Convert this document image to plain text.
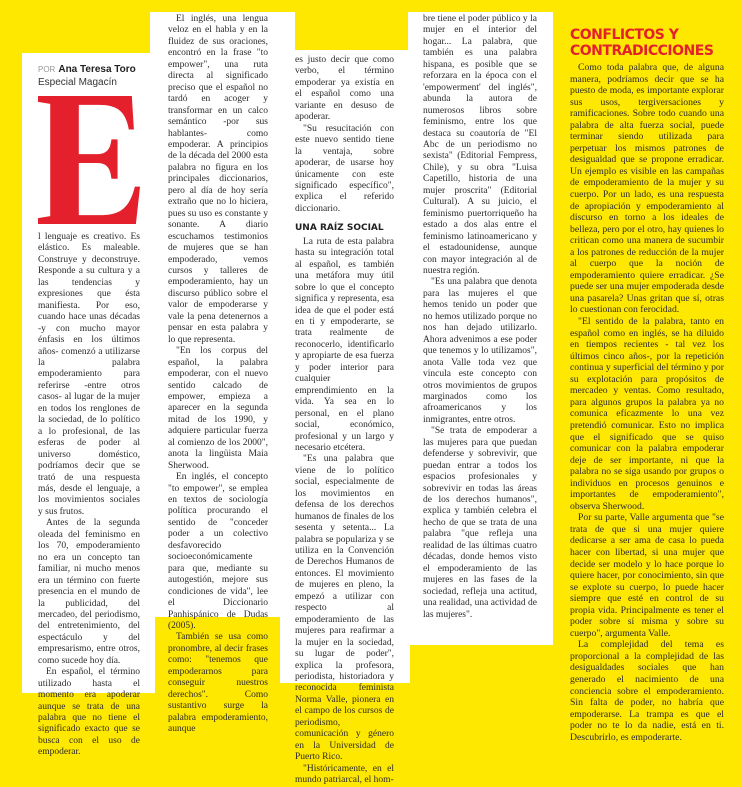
POR Ana Teresa Toro
Especial Magacín

l lenguaje es creativo. Es elástico. Es maleable. Construye y deconstruye. Responde a su cultura y a las tendencias y expresiones que ésta manifiesta. Por eso, cuando hace unas décadas -y con mucho mayor énfasis en los últimos años- comenzó a utilizarse la palabra empoderamiento para referirse -entre otros casos- al lugar de la mujer en todos los renglones de la sociedad, de lo político a lo profesional, de las esferas de poder al universo doméstico, podríamos decir que se trató de una respuesta más, desde el lenguaje, a los movimientos sociales y sus frutos.

Antes de la segunda oleada del feminismo en los 70, empoderamiento no era un concepto tan familiar, ni mucho menos era un término con fuerte presencia en el mundo de la publicidad, del mercadeo, del periodismo, del entretenimiento, del espectáculo y del empresarismo, entre otros, como sucede hoy día.

En español, el término utilizado hasta el momento era apoderar aunque se trata de una palabra que no tiene el significado exacto que se busca con el uso de empoderar.

El inglés, una lengua veloz en el habla y en la fluidez de sus oraciones, encontró en la frase "to empower", una ruta directa al significado preciso que el español no tardó en acoger y transformar en un calco semántico -por sus hablantes- como empoderar. A principios de la década del 2000 esta palabra no figura en los principales diccionarios, pero al día de hoy sería extraño que no lo hiciera, pues su uso es constante y sonante. A diario escuchamos testimonios de mujeres que se han empoderado, vemos cursos y talleres de empoderamiento, hay un discurso público sobre el valor de empoderarse y vale la pena detenernos a pensar en esta palabra y lo que representa.

"En los corpus del español, la palabra empoderar, con el nuevo sentido calcado de empower, empieza a aparecer en la segunda mitad de los 1990, y adquiere particular fuerza al comienzo de los 2000", anota la lingüista Maia Sherwood.

En inglés, el concepto "to empower", se emplea en textos de sociología política procurando el sentido de "conceder poder a un colectivo desfavorecido socioeconómicamente para que, mediante su autogestión, mejore sus condiciones de vida", lee el Diccionario Panhispánico de Dudas (2005).

También se usa como pronombre, al decir frases como: "tenemos que empoderarnos para conseguir nuestros derechos". Como sustantivo surge la palabra empoderamiento, aunque

es justo decir que como verbo, el término empoderar ya existía en el español como una variante en desuso de apoderar.

"Su resucitación con este nuevo sentido tiene la ventaja, sobre apoderar, de usarse hoy únicamente con este significado específico", explica el referido diccionario.

UNA RAÍZ SOCIAL

La ruta de esta palabra hasta su integración total al español, es también una metáfora muy útil sobre lo que el concepto significa y representa, esa idea de que el poder está en ti y empoderarte, se trata realmente de reconocerlo, identificarlo y apropiarte de esa fuerza y poder interior para cualquier emprendimiento en la vida. Ya sea en lo personal, en el plano social, económico, profesional y un largo y necesario etcétera.

"Es una palabra que viene de lo político social, especialmente de los movimientos en defensa de los derechos humanos de finales de los sesenta y setenta... La palabra se populariza y se utiliza en la Convención de Derechos Humanos de entonces. El movimiento de mujeres en pleno, la empezó a utilizar con respecto al empoderamiento de las mujeres para reafirmar a la mujer en la sociedad, su lugar de poder", explica la profesora, periodista, historiadora y reconocida feminista Norma Valle, pionera en el campo de los cursos de periodismo, comunicación y género en la Universidad de Puerto Rico.

"Históricamente, en el mundo patriarcal, el hom-

bre tiene el poder público y la mujer en el interior del hogar... La palabra, que también es una palabra hispana, es posible que se reforzara en la época con el 'empowerment' del inglés", abunda la autora de numerosos libros sobre feminismo, entre los que destaca su coautoría de "El Abc de un periodismo no sexista" (Editorial Fempress, Chile), y su obra "Luisa Capetillo, historia de una mujer proscrita" (Editorial Cultural). A su juicio, el feminismo puertorriqueño ha estado a dos alas entre el feminismo latinoamericano y el estadounidense, aunque con mayor integración al de nuestra región.

"Es una palabra que denota para las mujeres el que hemos tenido un poder que no hemos utilizado porque no nos han dejado utilizarlo. Ahora advenimos a ese poder que tenemos y lo utilizamos", anota Valle toda vez que vincula este concepto con otros movimientos de grupos marginados como los afroamericanos y los inmigrantes, entre otros.

"Se trata de empoderar a las mujeres para que puedan defenderse y sobrevivir, que puedan entrar a todos los espacios profesionales y sobrevivir en todas las áreas de los derechos humanos", explica y también celebra el hecho de que se trata de una palabra "que refleja una realidad de las últimas cuatro décadas, donde hemos visto el empoderamiento de las mujeres en las fases de la sociedad, refleja una actitud, una realidad, una actividad de las mujeres".

CONFLICTOS Y
CONTRADICCIONES

Como toda palabra que, de alguna manera, podríamos decir que se ha puesto de moda, es importante explorar sus usos, tergiversaciones y ramificaciones. Sobre todo cuando una palabra de alta fuerza social, puede terminar siendo utilizada para perpetuar los mismos patrones de desigualdad que se propone erradicar. Un ejemplo es visible en las campañas de empoderamiento de la mujer y su cuerpo. Por un lado, es una respuesta de apropiación y empoderamiento al discurso en torno a los ideales de belleza, pero por el otro, hay quienes lo critican como una manera de sucumbir a los patrones de reducción de la mujer al cuerpo que la noción de empoderamiento quiere erradicar. ¿Se puede ser una mujer empoderada desde una pasarela? Unas gritan que sí, otras lo cuestionan con ferocidad.

"El sentido de la palabra, tanto en español como en inglés, se ha diluido en tiempos recientes - tal vez los últimos cinco años-, por la repetición continua y superficial del término y por su explotación para propósitos de mercadeo y ventas. Como resultado, para algunos grupos la palabra ya no comunica eficazmente lo una vez pretendió comunicar. Esto no implica que el significado que se quiso comunicar con la palabra empoderar deje de ser importante, ni que la palabra no se siga usando por grupos o individuos en procesos genuinos e importantes de empoderamiento", observa Sherwood.

Por su parte, Valle argumenta que "se trata de que si una mujer quiere dedicarse a ser ama de casa lo pueda hacer con libertad, si una mujer que decide ser modelo y lo hace porque lo quiere hacer, por conocimiento, sin que se explote su cuerpo, lo puede hacer siempre que esté en control de su propia vida. Principalmente es tener el poder sobre sí misma y sobre su cuerpo", argumenta Valle.

La complejidad del tema es proporcional a la complejidad de las desigualdades sociales que han generado el nacimiento de una conciencia sobre el empoderamiento. Sin falta de poder, no habría que empoderarse. La trampa es que el poder no te lo da nadie, está en ti. Descubrirlo, es empoderarte.
